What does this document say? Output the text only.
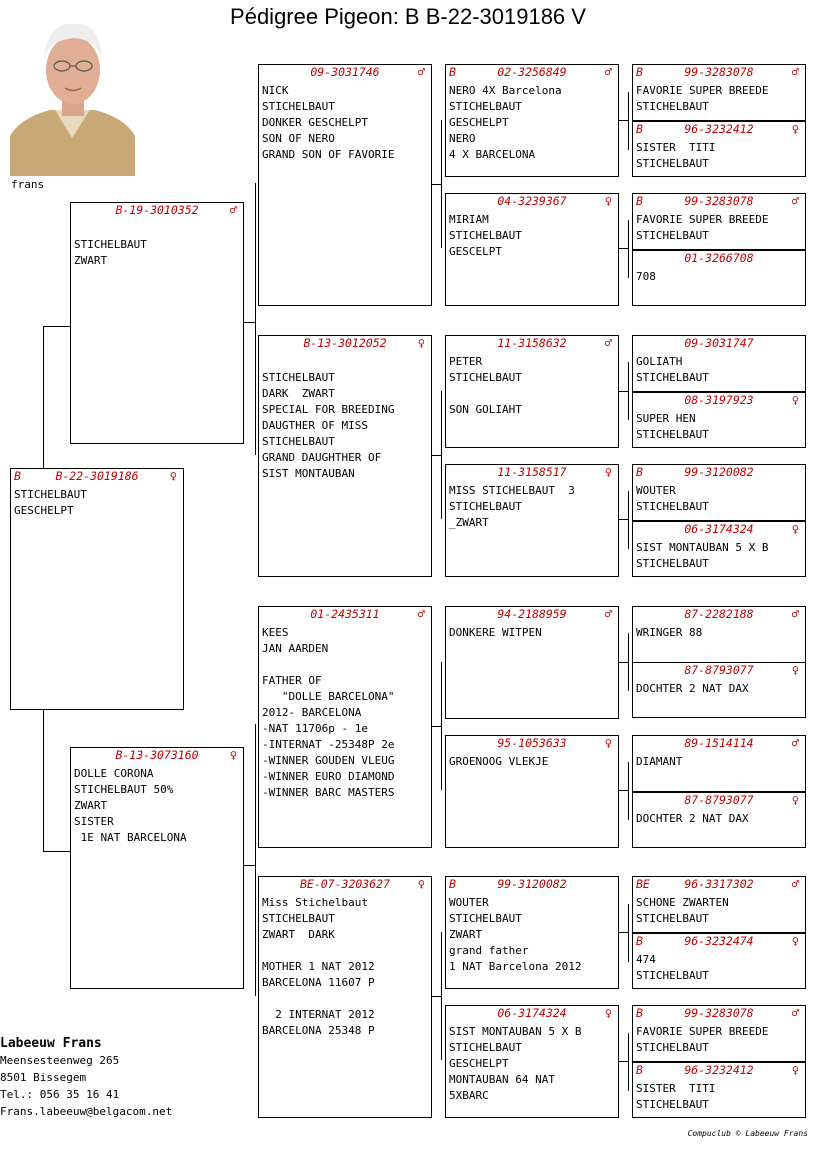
Pédigree Pigeon: B B-22-3019186 V
frans
B	B-22-3019186	♀
STICHELBAUT
GESCHELPT
B-19-3010352	♂

STICHELBAUT
ZWART
B-13-3073160	♀
DOLLE CORONA
STICHELBAUT 50%
ZWART
SISTER
1E NAT BARCELONA
09-3031746	♂
NICK
STICHELBAUT
DONKER GESCHELPT
SON OF NERO
GRAND SON OF FAVORIE
B-13-3012052	♀

STICHELBAUT
DARK  ZWART
SPECIAL FOR BREEDING
DAUGTHER OF MISS
STICHELBAUT
GRAND DAUGHTHER OF
SIST MONTAUBAN
01-2435311	♂
KEES
JAN AARDEN

FATHER OF
"DOLLE BARCELONA"
2012- BARCELONA
-NAT 11706p - 1e
-INTERNAT -25348P 2e
-WINNER GOUDEN VLEUG
-WINNER EURO DIAMOND
-WINNER BARC MASTERS
BE-07-3203627	♀
Miss Stichelbaut
STICHELBAUT
ZWART  DARK

MOTHER 1 NAT 2012
BARCELONA 11607 P

2 INTERNAT 2012
BARCELONA 25348 P
B	02-3256849	♂
NERO 4X Barcelona
STICHELBAUT
GESCHELPT
NERO
4 X BARCELONA
04-3239367	♀
MIRIAM
STICHELBAUT
GESCELPT
11-3158632	♂
PETER
STICHELBAUT

SON GOLIAHT
11-3158517	♀
MISS STICHELBAUT  3
STICHELBAUT
_ZWART
94-2188959	♂
DONKERE WITPEN
95-1053633	♀
GROENOOG VLEKJE
B	99-3120082
WOUTER
STICHELBAUT
ZWART
grand father
1 NAT Barcelona 2012
06-3174324	♀
SIST MONTAUBAN 5 X B
STICHELBAUT
GESCHELPT
MONTAUBAN 64 NAT
5XBARC
B	99-3283078	♂
FAVORIE SUPER BREEDE
STICHELBAUT
B	96-3232412	♀
SISTER  TITI
STICHELBAUT
B	99-3283078	♂
FAVORIE SUPER BREEDE
STICHELBAUT
01-3266708
708
09-3031747
GOLIATH
STICHELBAUT
08-3197923	♀
SUPER HEN
STICHELBAUT
B	99-3120082
WOUTER
STICHELBAUT
06-3174324	♀
SIST MONTAUBAN 5 X B
STICHELBAUT
87-2282188	♂
WRINGER 88
87-8793077	♀
DOCHTER 2 NAT DAX
89-1514114	♂
DIAMANT
87-8793077	♀
DOCHTER 2 NAT DAX
BE	96-3317302	♂
SCHONE ZWARTEN
STICHELBAUT
B	96-3232474	♀
474
STICHELBAUT
B	99-3283078	♂
FAVORIE SUPER BREEDE
STICHELBAUT
B	96-3232412	♀
SISTER  TITI
STICHELBAUT
Labeeuw Frans
Meensesteenweg 265
8501 Bissegem
Tel.: 056 35 16 41
Frans.labeeuw@belgacom.net
Compuclub © Labeeuw Frans
